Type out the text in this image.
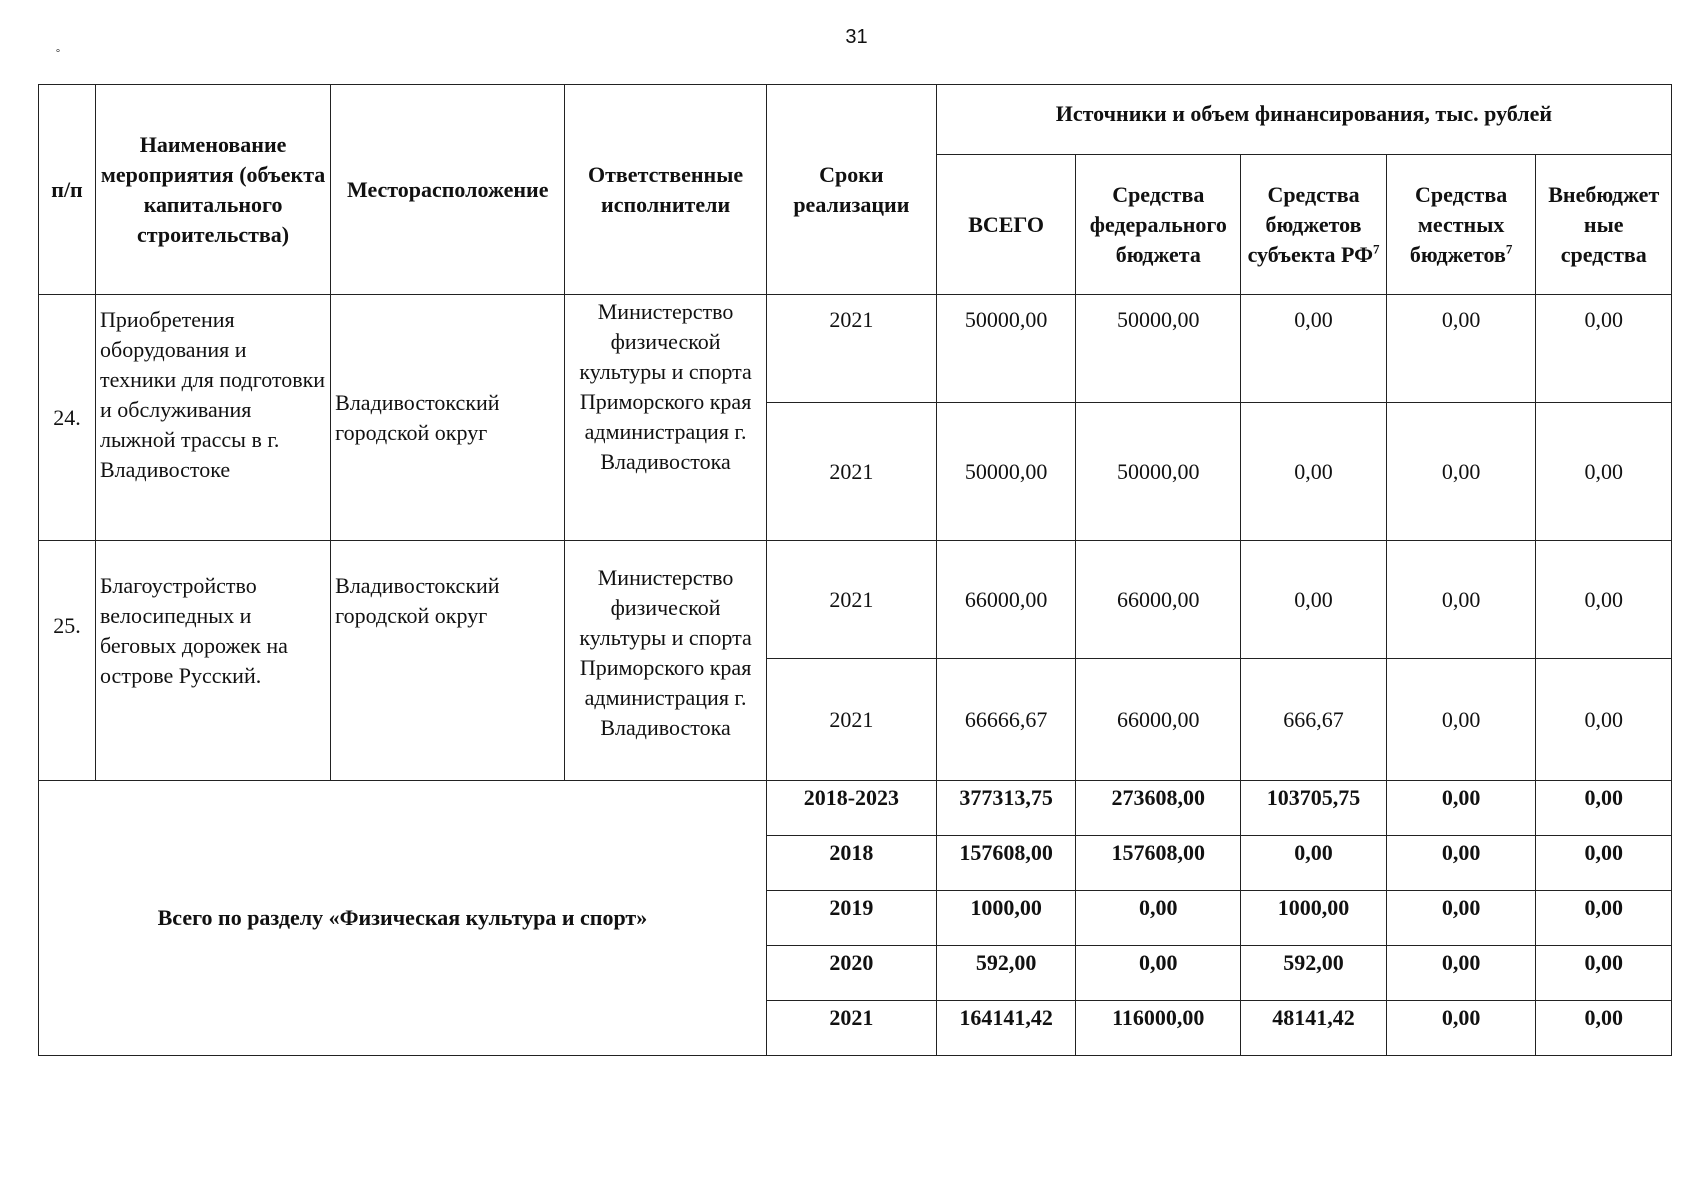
31
°
п/п	Наименование мероприятия (объекта капитального строительства)	Месторасположение	Ответственные исполнители	Сроки реализации	Источники и объем финансирования, тыс. рублей				
					ВСЕГО	Средства федерального бюджета	Средства бюджетов субъекта $РФ^7$	Средства местных бюджетов$^7$	Внебюджет ные средства
24.	Приобретения оборудования и техники для подготовки и обслуживания лыжной трассы в г. Владивостоке	Владивостокский городской округ	Министерство физической культуры и спорта Приморского края администрация г. Владивостока	2021	50000,00	50000,00	0,00	0,00	0,00
				2021	50000,00	50000,00	0,00	0,00	0,00
25.	Благоустройство велосипедных и беговых дорожек на острове Русский.	Владивостокский городской округ	Министерство физической культуры и спорта Приморского края администрация г. Владивостока	2021	66000,00	66000,00	0,00	0,00	0,00
				2021	66666,67	66000,00	666,67	0,00	0,00
Всего по разделу «Физическая культура и спорт»				2018-2023	377313,75	273608,00	103705,75	0,00	0,00
				2018	157608,00	157608,00	0,00	0,00	0,00
				2019	1000,00	0,00	1000,00	0,00	0,00
				2020	592,00	0,00	592,00	0,00	0,00
				2021	164141,42	116000,00	48141,42	0,00	0,00
